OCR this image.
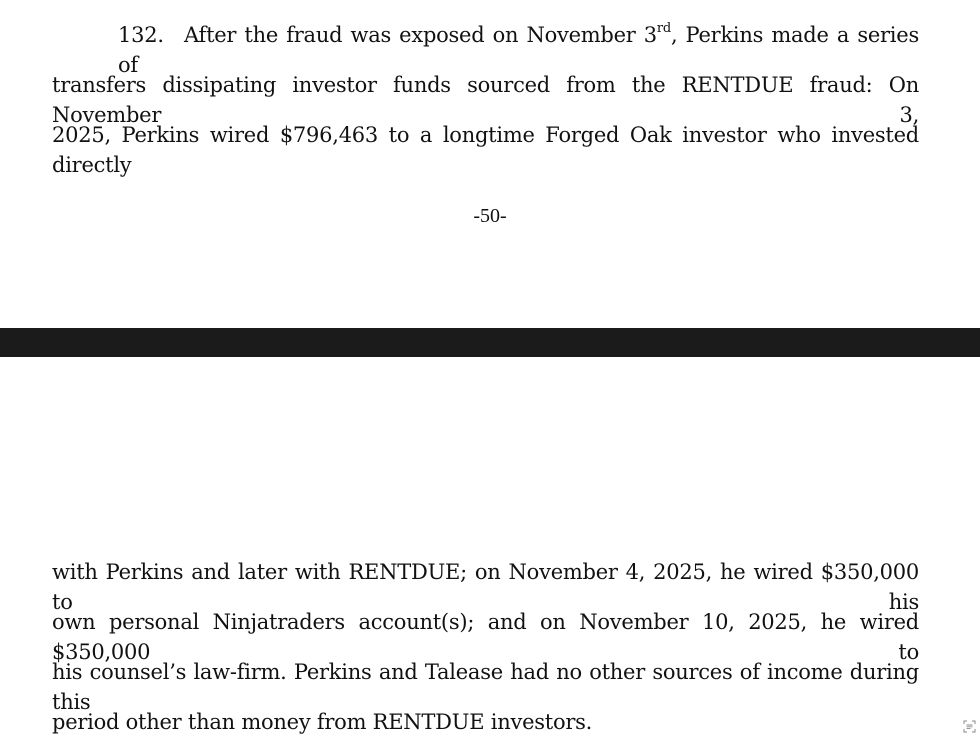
132. After the fraud was exposed on November 3rd, Perkins made a series of
transfers dissipating investor funds sourced from the RENTDUE fraud: On November 3,
2025, Perkins wired $796,463 to a longtime Forged Oak investor who invested directly
-50-
with Perkins and later with RENTDUE; on November 4, 2025, he wired $350,000 to his
own personal Ninjatraders account(s); and on November 10, 2025, he wired $350,000 to
his counsel’s law-firm. Perkins and Talease had no other sources of income during this
period other than money from RENTDUE investors.
